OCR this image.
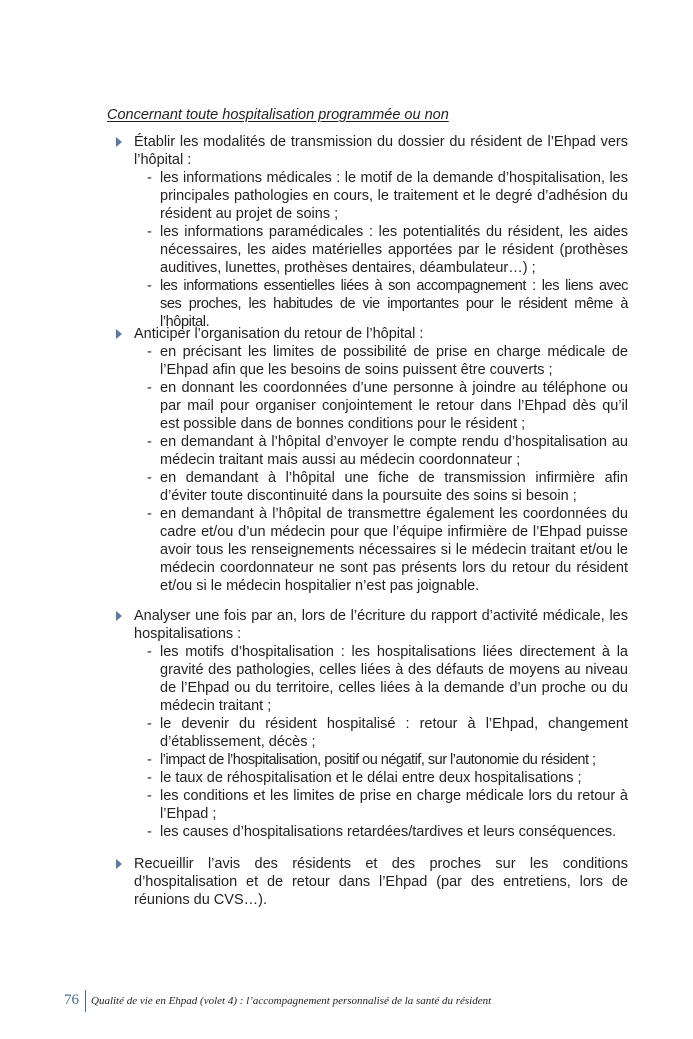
Concernant toute hospitalisation programmée ou non

Établir les modalités de transmission du dossier du résident de l’Ehpad vers l’hôpital :

- les informations médicales : le motif de la demande d’hospitalisation, les principales pathologies en cours, le traitement et le degré d’adhésion du résident au projet de soins ;

- les informations paramédicales : les potentialités du résident, les aides nécessaires, les aides matérielles apportées par le résident (prothèses auditives, lunettes, prothèses dentaires, déambulateur…) ;

- les informations essentielles liées à son accompagnement : les liens avec ses proches, les habitudes de vie importantes pour le résident même à l’hôpital.

Anticiper l’organisation du retour de l’hôpital :

- en précisant les limites de possibilité de prise en charge médicale de l’Ehpad afin que les besoins de soins puissent être couverts ;

- en donnant les coordonnées d’une personne à joindre au téléphone ou par mail pour organiser conjointement le retour dans l’Ehpad dès qu’il est possible dans de bonnes conditions pour le résident ;

- en demandant à l’hôpital d’envoyer le compte rendu d’hospitalisation au médecin traitant mais aussi au médecin coordonnateur ;

- en demandant à l’hôpital une fiche de transmission infirmière afin d’éviter toute discontinuité dans la poursuite des soins si besoin ;

- en demandant à l’hôpital de transmettre également les coordonnées du cadre et/ou d’un médecin pour que l’équipe infirmière de l’Ehpad puisse avoir tous les renseignements nécessaires si le médecin traitant et/ou le médecin coordonnateur ne sont pas présents lors du retour du résident et/ou si le médecin hospitalier n’est pas joignable.

Analyser une fois par an, lors de l’écriture du rapport d’activité médicale, les hospitalisations :

- les motifs d’hospitalisation : les hospitalisations liées directement à la gravité des pathologies, celles liées à des défauts de moyens au niveau de l’Ehpad ou du territoire, celles liées à la demande d’un proche ou du médecin traitant ;

- le devenir du résident hospitalisé : retour à l’Ehpad, changement d’établissement, décès ;

- l’impact de l’hospitalisation, positif ou négatif, sur l’autonomie du résident ;

- le taux de réhospitalisation et le délai entre deux hospitalisations ;

- les conditions et les limites de prise en charge médicale lors du retour à l’Ehpad ;

- les causes d’hospitalisations retardées/tardives et leurs conséquences.

Recueillir l’avis des résidents et des proches sur les conditions d’hospitalisation et de retour dans l’Ehpad (par des entretiens, lors de réunions du CVS…).

76 Qualité de vie en Ehpad (volet 4) : l’accompagnement personnalisé de la santé du résident
